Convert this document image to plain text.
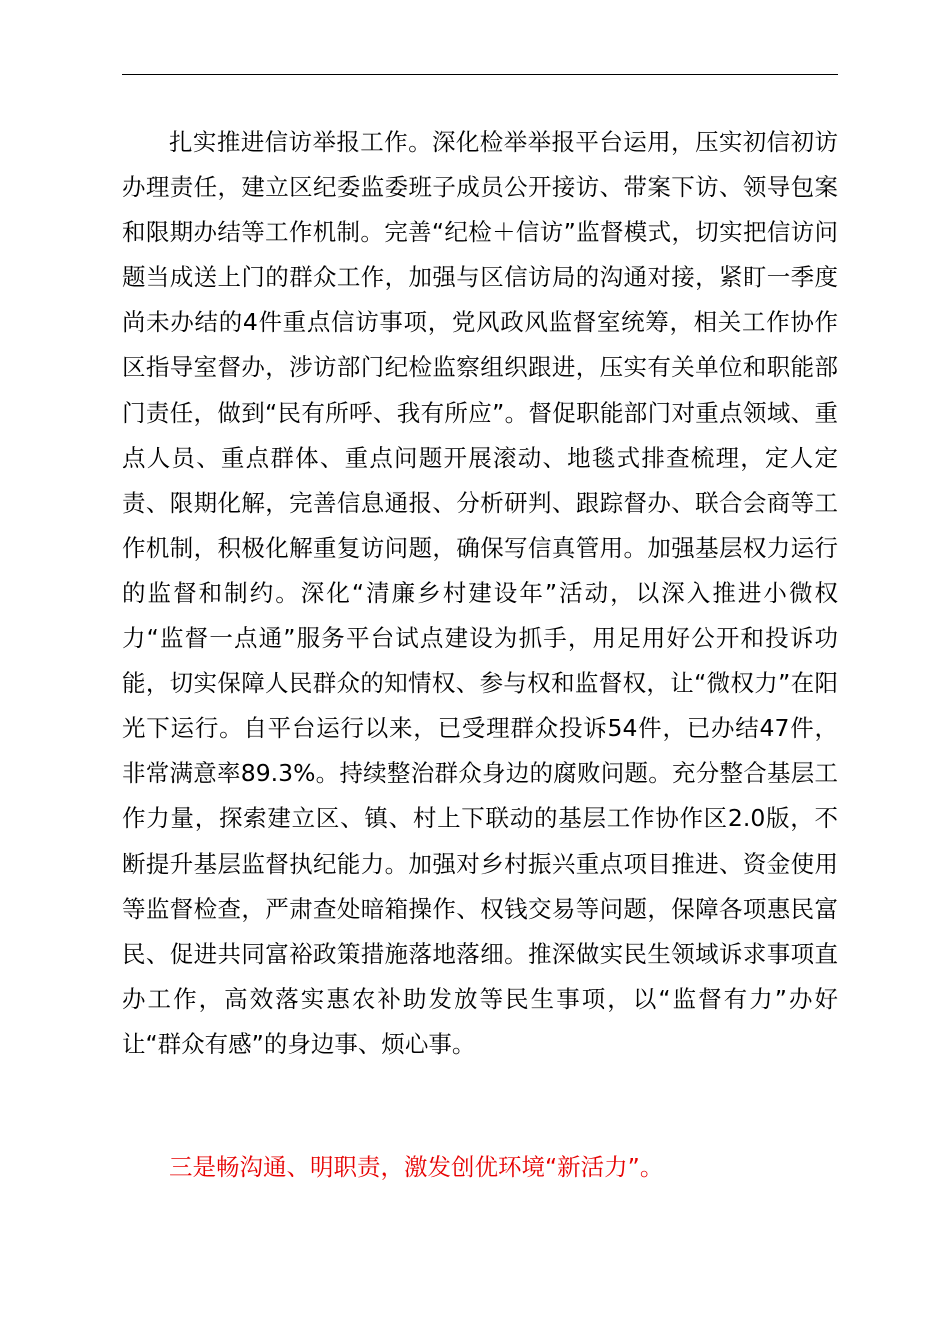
扎实推进信访举报工作。深化检举举报平台运用，压实初信初访办理责任，建立区纪委监委班子成员公开接访、带案下访、领导包案和限期办结等工作机制。完善“纪检＋信访”监督模式，切实把信访问题当成送上门的群众工作，加强与区信访局的沟通对接，紧盯一季度尚未办结的4件重点信访事项，党风政风监督室统筹，相关工作协作区指导室督办，涉访部门纪检监察组织跟进，压实有关单位和职能部门责任，做到“民有所呼、我有所应”。督促职能部门对重点领域、重点人员、重点群体、重点问题开展滚动、地毯式排查梳理，定人定责、限期化解，完善信息通报、分析研判、跟踪督办、联合会商等工作机制，积极化解重复访问题，确保写信真管用。加强基层权力运行的监督和制约。深化“清廉乡村建设年”活动，以深入推进小微权力“监督一点通”服务平台试点建设为抓手，用足用好公开和投诉功能，切实保障人民群众的知情权、参与权和监督权，让“微权力”在阳光下运行。自平台运行以来，已受理群众投诉54件，已办结47件，非常满意率89.3%。持续整治群众身边的腐败问题。充分整合基层工作力量，探索建立区、镇、村上下联动的基层工作协作区2.0版，不断提升基层监督执纪能力。加强对乡村振兴重点项目推进、资金使用等监督检查，严肃查处暗箱操作、权钱交易等问题，保障各项惠民富民、促进共同富裕政策措施落地落细。推深做实民生领域诉求事项直办工作，高效落实惠农补助发放等民生事项，以“监督有力”办好让“群众有感”的身边事、烦心事。

三是畅沟通、明职责，激发创优环境“新活力”。
